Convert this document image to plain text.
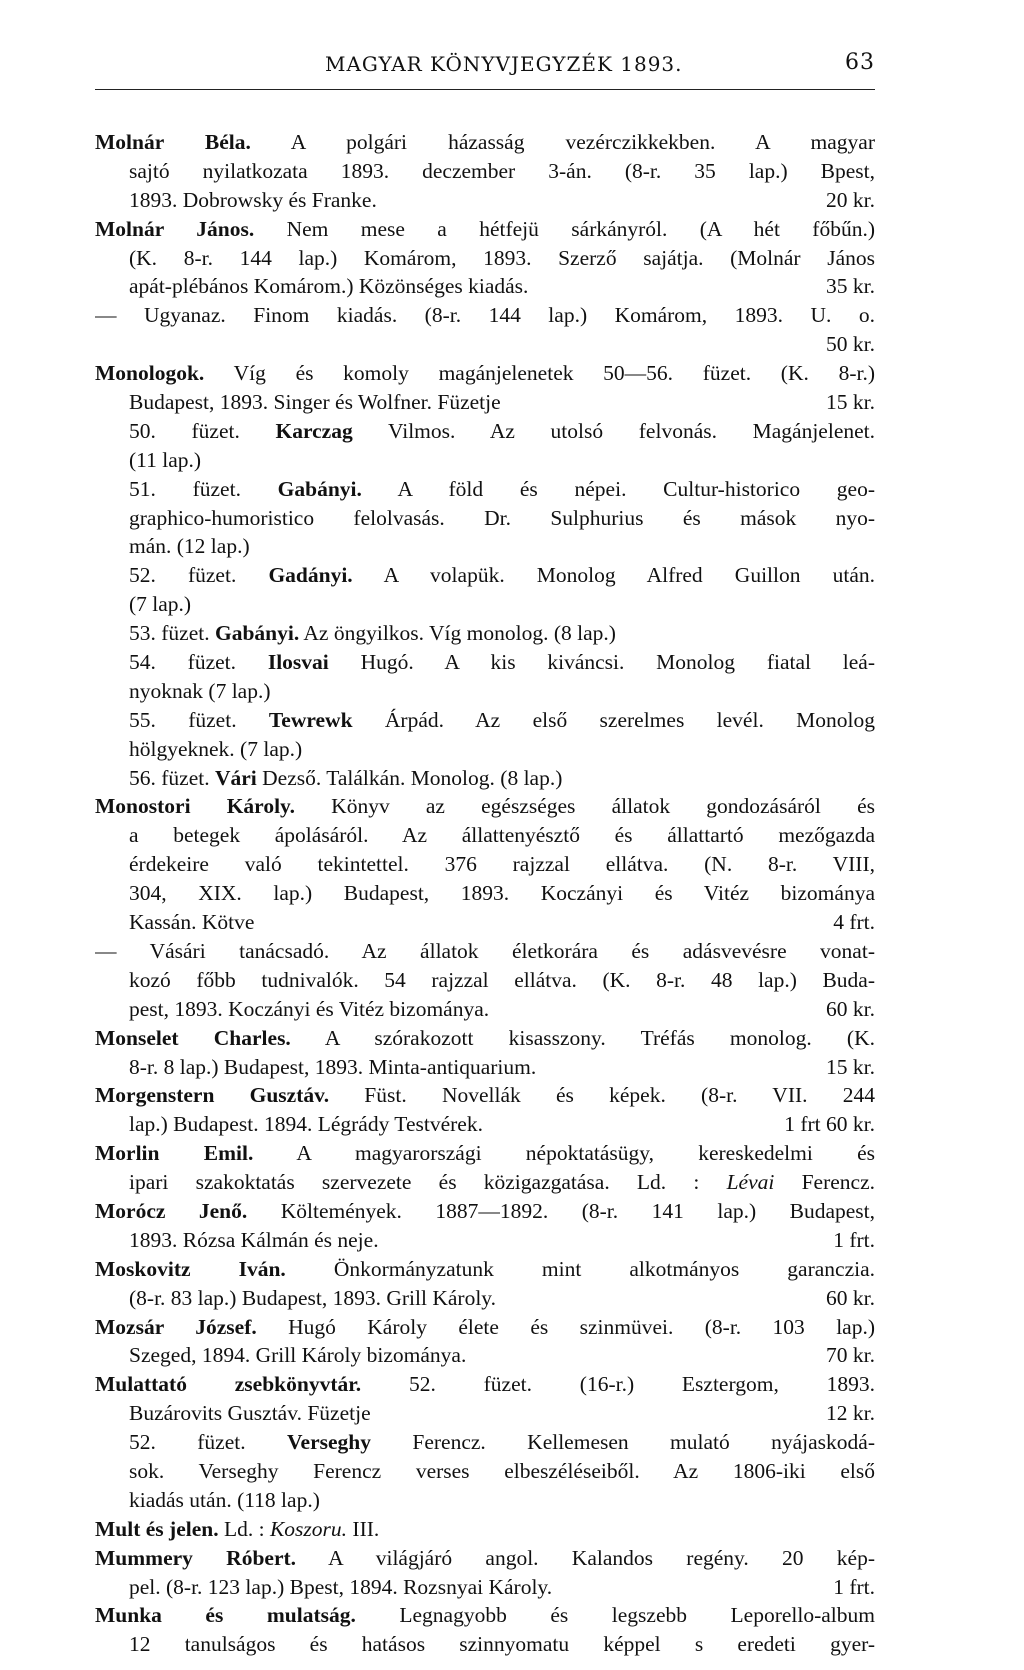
MAGYAR KÖNYVJEGYZÉK 1893.	63
Molnár Béla. A polgári házasság vezérczikkekben. A magyar
sajtó nyilatkozata 1893. deczember 3-án. (8-r. 35 lap.) Bpest,
20 kr.
1893. Dobrowsky és Franke.
Molnár János. Nem mese a hétfejü sárkányról. (A hét főbűn.)
(K. 8-r. 144 lap.) Komárom, 1893. Szerző sajátja. (Molnár János
35 kr.
apát-plébános Komárom.) Közönséges kiadás.
— Ugyanaz. Finom kiadás. (8-r. 144 lap.) Komárom, 1893. U. o.
50 kr.
Monologok. Víg és komoly magánjelenetek 50—56. füzet. (K. 8-r.)
15 kr.
Budapest, 1893. Singer és Wolfner. Füzetje
50. füzet. Karczag Vilmos. Az utolsó felvonás. Magánjelenet.
(11 lap.)
51. füzet. Gabányi. A föld és népei. Cultur-historico geo-
graphico-humoristico felolvasás. Dr. Sulphurius és mások nyo-
mán. (12 lap.)
52. füzet. Gadányi. A volapük. Monolog Alfred Guillon után.
(7 lap.)
53. füzet. Gabányi. Az öngyilkos. Víg monolog. (8 lap.)
54. füzet. Ilosvai Hugó. A kis kiváncsi. Monolog fiatal leá-
nyoknak (7 lap.)
55. füzet. Tewrewk Árpád. Az első szerelmes levél. Monolog
hölgyeknek. (7 lap.)
56. füzet. Vári Dezső. Találkán. Monolog. (8 lap.)
Monostori Károly. Könyv az egészséges állatok gondozásáról és
a betegek ápolásáról. Az állattenyésztő és állattartó mezőgazda
érdekeire való tekintettel. 376 rajzzal ellátva. (N. 8-r. VIII,
304, XIX. lap.) Budapest, 1893. Koczányi és Vitéz bizománya
4 frt.
Kassán. Kötve
— Vásári tanácsadó. Az állatok életkorára és adásvevésre vonat-
kozó főbb tudnivalók. 54 rajzzal ellátva. (K. 8-r. 48 lap.) Buda-
60 kr.
pest, 1893. Koczányi és Vitéz bizománya.
Monselet Charles. A szórakozott kisasszony. Tréfás monolog. (K.
15 kr.
8-r. 8 lap.) Budapest, 1893. Minta-antiquarium.
Morgenstern Gusztáv. Füst. Novellák és képek. (8-r. VII. 244
1 frt 60 kr.
lap.) Budapest. 1894. Légrády Testvérek.
Morlin Emil. A magyarországi népoktatásügy, kereskedelmi és
ipari szakoktatás szervezete és közigazgatása. Ld. : Lévai Ferencz.
Morócz Jenő. Költemények. 1887—1892. (8-r. 141 lap.) Budapest,
1 frt.
1893. Rózsa Kálmán és neje.
Moskovitz Iván. Önkormányzatunk mint alkotmányos garanczia.
60 kr.
(8-r. 83 lap.) Budapest, 1893. Grill Károly.
Mozsár József. Hugó Károly élete és szinmüvei. (8-r. 103 lap.)
70 kr.
Szeged, 1894. Grill Károly bizománya.
Mulattató zsebkönyvtár. 52. füzet. (16-r.) Esztergom, 1893.
12 kr.
Buzárovits Gusztáv. Füzetje
52. füzet. Verseghy Ferencz. Kellemesen mulató nyájaskodá-
sok. Verseghy Ferencz verses elbeszéléseiből. Az 1806-iki első
kiadás után. (118 lap.)
Mult és jelen. Ld. : Koszoru. III.
Mummery Róbert. A világjáró angol. Kalandos regény. 20 kép-
1 frt.
pel. (8-r. 123 lap.) Bpest, 1894. Rozsnyai Károly.
Munka és mulatság. Legnagyobb és legszebb Leporello-album
12 tanulságos és hatásos szinnyomatu képpel s eredeti gyer-
